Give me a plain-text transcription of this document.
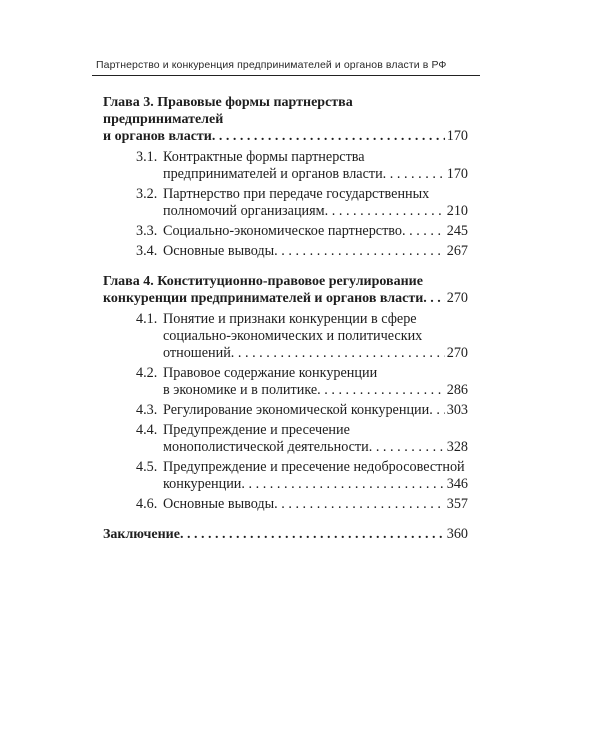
Партнерство и конкуренция предпринимателей и органов власти в РФ
Глава 3. Правовые формы партнерства предпринимателей
и органов власти . . .	170
3.1. Контрактные формы партнерства
предпринимателей и органов власти . . .	170
3.2. Партнерство при передаче государственных
полномочий организациям . . .	210
3.3. Социально-экономическое партнерство . . .	245
3.4. Основные выводы . . .	267
Глава 4. Конституционно-правовое регулирование
конкуренции предпринимателей и органов власти . . . 270
4.1. Понятие и признаки конкуренции в сфере
социально-экономических и политических
отношений . . .	270
4.2. Правовое содержание конкуренции
в экономике и в политике . . .	286
4.3. Регулирование экономической конкуренции . . . 303
4.4. Предупреждение и пресечение
монополистической деятельности . . .	328
4.5. Предупреждение и пресечение недобросовестной
конкуренции . . .	346
4.6. Основные выводы . . .	357
Заключение . . .	360
